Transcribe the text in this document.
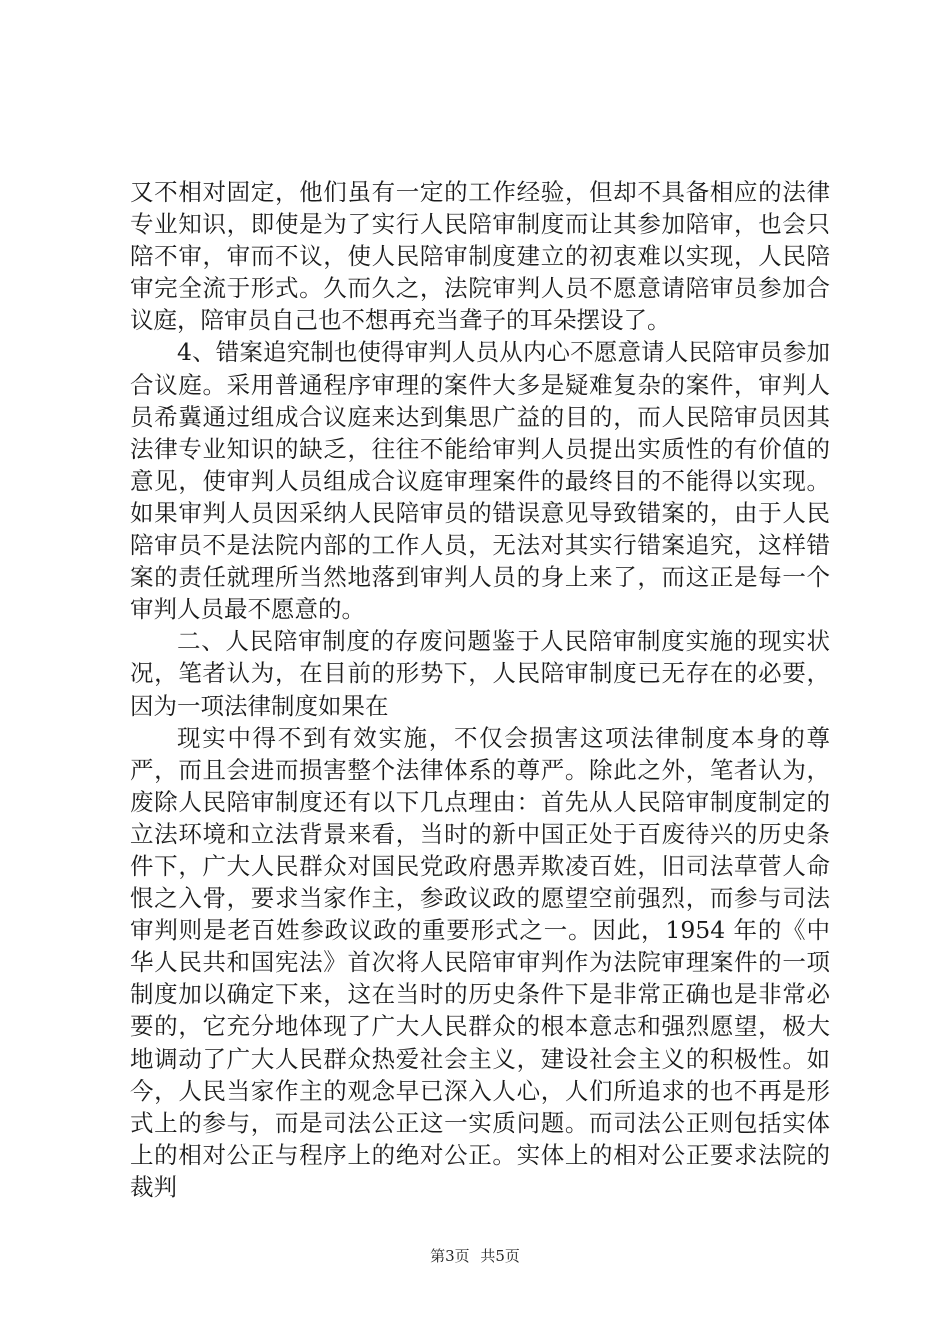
又不相对固定，他们虽有一定的工作经验，但却不具备相应的法律专业知识，即使是为了实行人民陪审制度而让其参加陪审，也会只陪不审，审而不议，使人民陪审制度建立的初衷难以实现，人民陪审完全流于形式。久而久之，法院审判人员不愿意请陪审员参加合议庭，陪审员自己也不想再充当聋子的耳朵摆设了。

4、错案追究制也使得审判人员从内心不愿意请人民陪审员参加合议庭。采用普通程序审理的案件大多是疑难复杂的案件，审判人员希冀通过组成合议庭来达到集思广益的目的，而人民陪审员因其法律专业知识的缺乏，往往不能给审判人员提出实质性的有价值的意见，使审判人员组成合议庭审理案件的最终目的不能得以实现。如果审判人员因采纳人民陪审员的错误意见导致错案的，由于人民陪审员不是法院内部的工作人员，无法对其实行错案追究，这样错案的责任就理所当然地落到审判人员的身上来了，而这正是每一个审判人员最不愿意的。

二、人民陪审制度的存废问题鉴于人民陪审制度实施的现实状况，笔者认为，在目前的形势下，人民陪审制度已无存在的必要，因为一项法律制度如果在

现实中得不到有效实施，不仅会损害这项法律制度本身的尊严，而且会进而损害整个法律体系的尊严。除此之外，笔者认为，废除人民陪审制度还有以下几点理由：首先从人民陪审制度制定的立法环境和立法背景来看，当时的新中国正处于百废待兴的历史条件下，广大人民群众对国民党政府愚弄欺凌百姓，旧司法草菅人命恨之入骨，要求当家作主，参政议政的愿望空前强烈，而参与司法审判则是老百姓参政议政的重要形式之一。因此，1954 年的《中华人民共和国宪法》首次将人民陪审审判作为法院审理案件的一项制度加以确定下来，这在当时的历史条件下是非常正确也是非常必要的，它充分地体现了广大人民群众的根本意志和强烈愿望，极大地调动了广大人民群众热爱社会主义，建设社会主义的积极性。如今，人民当家作主的观念早已深入人心，人们所追求的也不再是形式上的参与，而是司法公正这一实质问题。而司法公正则包括实体上的相对公正与程序上的绝对公正。实体上的相对公正要求法院的裁判

第3页 共5页
